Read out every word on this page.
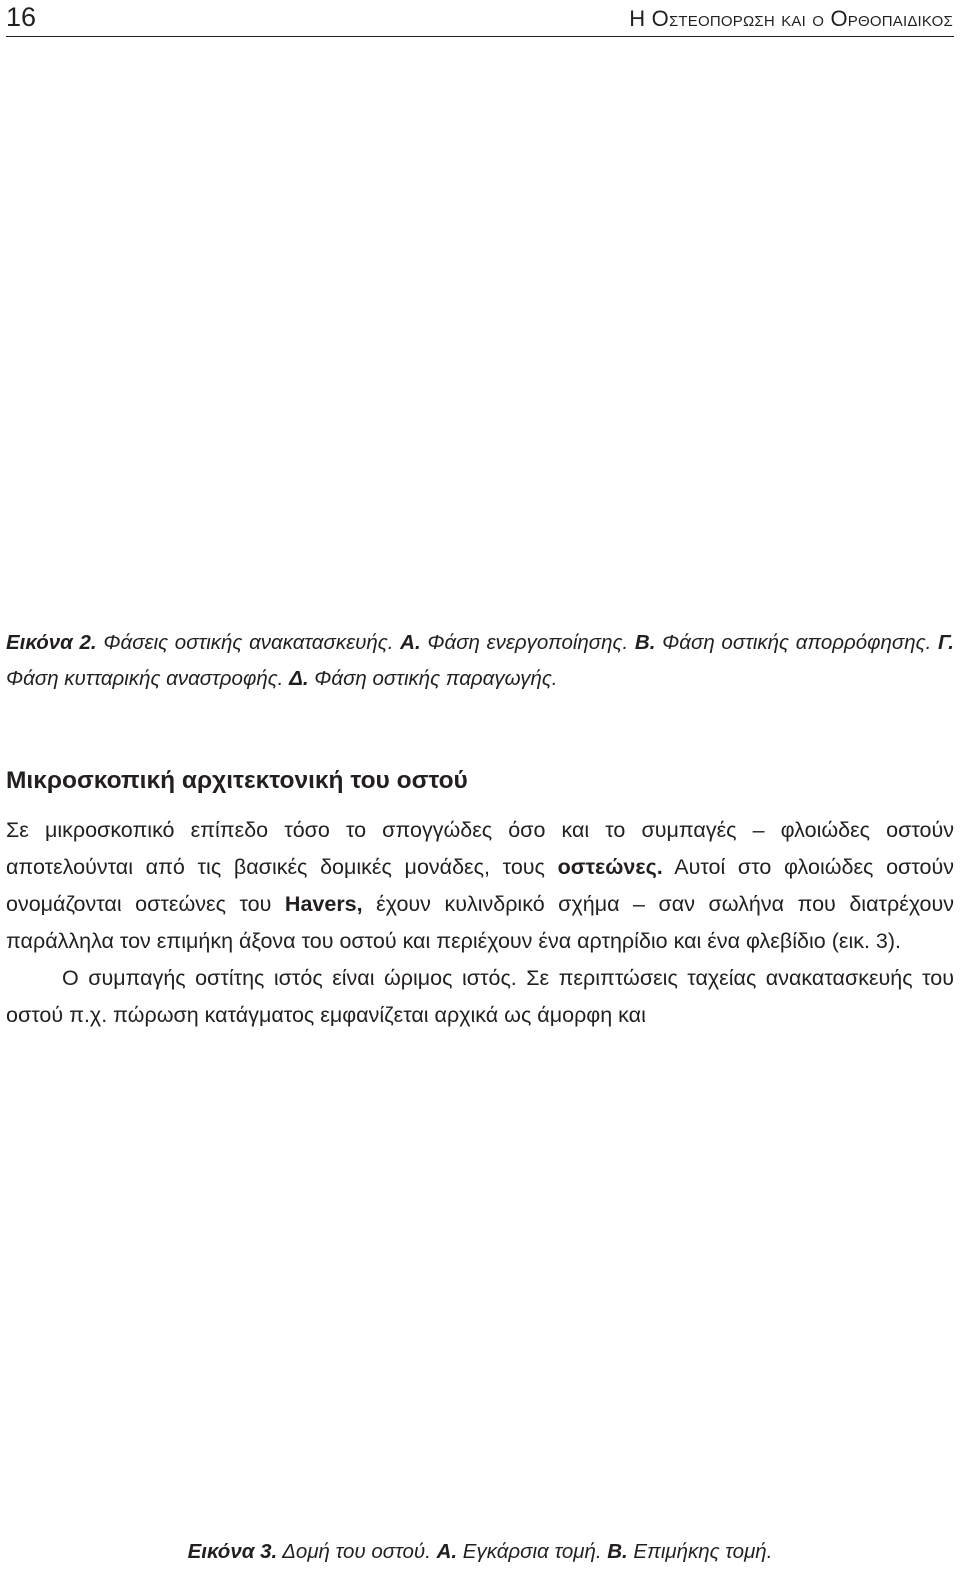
16	Η Οστεοπορωση και ο Ορθοπαιδικος
Εικόνα 2. Φάσεις οστικής ανακατασκευής. Α. Φάση ενεργοποίησης. Β. Φάση οστικής απορρόφησης. Γ. Φάση κυτταρικής αναστροφής. Δ. Φάση οστικής παραγωγής.
Μικροσκοπική αρχιτεκτονική του οστού

Σε μικροσκοπικό επίπεδο τόσο το σπογγώδες όσο και το συμπαγές – φλοιώδες οστούν αποτελούνται από τις βασικές δομικές μονάδες, τους οστεώνες. Αυτοί στο φλοιώδες οστούν ονομάζονται οστεώνες του Havers, έχουν κυλινδρικό σχήμα – σαν σωλήνα που διατρέχουν παράλληλα τον επιμήκη άξονα του οστού και περιέχουν ένα αρτηρίδιο και ένα φλεβίδιο (εικ. 3).

Ο συμπαγής οστίτης ιστός είναι ώριμος ιστός. Σε περιπτώσεις ταχείας ανακατασκευής του οστού π.χ. πώρωση κατάγματος εμφανίζεται αρχικά ως άμορφη και

Εικόνα 3. Δομή του οστού. Α. Εγκάρσια τομή. Β. Επιμήκης τομή.
